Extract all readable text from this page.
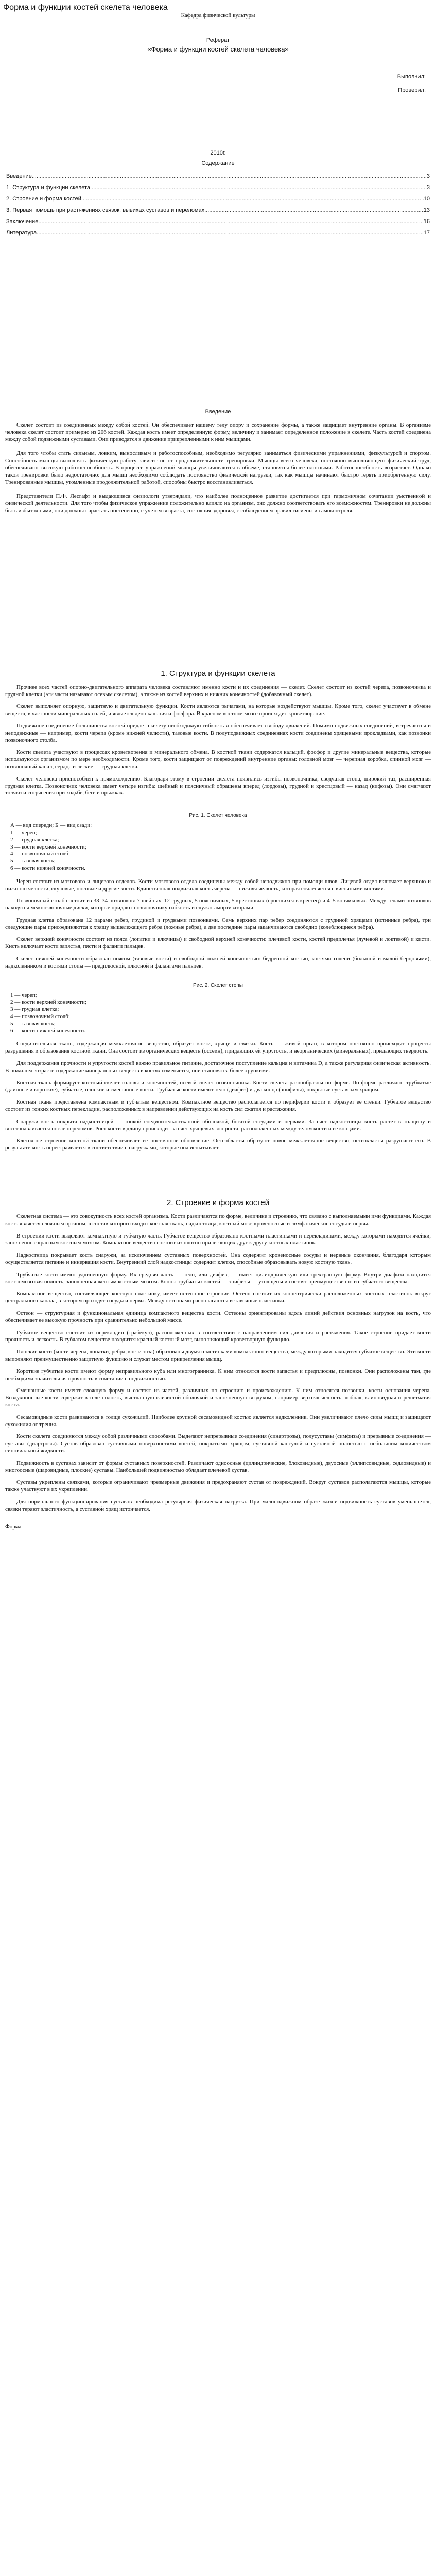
Форма и функции костей скелета человека
Кафедра физической культуры
Реферат
«Форма и функции костей скелета человека»
Выполнил:
Проверил:
2010г.
Содержание
Введение .....	3
1. Структура и функции скелета .....	3
2. Строение и форма костей .....	10
3. Первая помощь при растяжениях связок, вывихах суставов и переломах .....	13
Заключение .....	16
Литература .....	17
Введение

Скелет состоит из соединенных между собой костей. Он обеспечивает нашему телу опору и сохранение формы, а также защищает внутренние органы. В организме человека скелет состоит примерно из 206 костей. Каждая кость имеет определенную форму, величину и занимает определенное положение в скелете. Часть костей соединена между собой подвижными суставами. Они приводятся в движение прикрепленными к ним мышцами.

Для того чтобы стать сильным, ловким, выносливым и работоспособным, необходимо регулярно заниматься физическими упражнениями, физкультурой и спортом. Способность мышцы выполнять физическую работу зависит не от продолжительности тренировки. Мышцы всего человека, постоянно выполняющего физический труд, обеспечивают высокую работоспособность. В процессе упражнений мышцы увеличиваются в объеме, становятся более плотными. Работоспособность возрастает. Однако такой тренировки было недостаточно: для мышц необходимо соблюдать постоянство физической нагрузки, так как мышцы начинают быстро терять приобретенную силу. Тренированные мышцы, утомленные продолжительной работой, способны быстро восстанавливаться.

Представители П.Ф. Лесгафт и выдающиеся физиологи утверждали, что наиболее полноценное развитие достигается при гармоничном сочетании умственной и физической деятельности. Для того чтобы физическое упражнение положительно влияло на организм, оно должно соответствовать его возможностям. Тренировки не должны быть избыточными, они должны нарастать постепенно, с учетом возраста, состояния здоровья, с соблюдением правил гигиены и самоконтроля.

1. Структура и функции скелета

Прочнее всех частей опорно-двигательного аппарата человека составляют именно кости и их соединения — скелет. Скелет состоит из костей черепа, позвоночника и грудной клетки (эти части называют осевым скелетом), а также из костей верхних и нижних конечностей (добавочный скелет).

Скелет выполняет опорную, защитную и двигательную функции. Кости являются рычагами, на которые воздействуют мышцы. Кроме того, скелет участвует в обмене веществ, в частности минеральных солей, и является депо кальция и фосфора. В красном костном мозге происходит кроветворение.

Подвижное соединение большинства костей придает скелету необходимую гибкость и обеспечивает свободу движений. Помимо подвижных соединений, встречаются и неподвижные — например, кости черепа (кроме нижней челюсти), тазовые кости. В полуподвижных соединениях кости соединены хрящевыми прокладками, как позвонки позвоночного столба.

Кости скелета участвуют в процессах кроветворения и минерального обмена. В костной ткани содержатся кальций, фосфор и другие минеральные вещества, которые используются организмом по мере необходимости. Кроме того, кости защищают от повреждений внутренние органы: головной мозг — черепная коробка, спинной мозг — позвоночный канал, сердце и легкие — грудная клетка.

Скелет человека приспособлен к прямохождению. Благодаря этому в строении скелета появились изгибы позвоночника, сводчатая стопа, широкий таз, расширенная грудная клетка. Позвоночник человека имеет четыре изгиба: шейный и поясничный обращены вперед (лордозы), грудной и крестцовый — назад (кифозы). Они смягчают толчки и сотрясения при ходьбе, беге и прыжках.

Рис. 1. Скелет человека
А — вид спереди; Б — вид сзади:
1 — череп;
2 — грудная клетка;
3 — кости верхней конечности;
4 — позвоночный столб;
5 — тазовая кость;
6 — кости нижней конечности.

Череп состоит из мозгового и лицевого отделов. Кости мозгового отдела соединены между собой неподвижно при помощи швов. Лицевой отдел включает верхнюю и нижнюю челюсти, скуловые, носовые и другие кости. Единственная подвижная кость черепа — нижняя челюсть, которая сочленяется с височными костями.

Позвоночный столб состоит из 33–34 позвонков: 7 шейных, 12 грудных, 5 поясничных, 5 крестцовых (сросшихся в крестец) и 4–5 копчиковых. Между телами позвонков находятся межпозвоночные диски, которые придают позвоночнику гибкость и служат амортизаторами.

Грудная клетка образована 12 парами ребер, грудиной и грудными позвонками. Семь верхних пар ребер соединяются с грудиной хрящами (истинные ребра), три следующие пары присоединяются к хрящу вышележащего ребра (ложные ребра), а две последние пары заканчиваются свободно (колеблющиеся ребра).

Скелет верхней конечности состоит из пояса (лопатки и ключицы) и свободной верхней конечности: плечевой кости, костей предплечья (лучевой и локтевой) и кисти. Кисть включает кости запястья, пясти и фаланги пальцев.

Скелет нижней конечности образован поясом (тазовые кости) и свободной нижней конечностью: бедренной костью, костями голени (большой и малой берцовыми), надколенником и костями стопы — предплюсной, плюсной и фалангами пальцев.

Рис. 2. Скелет стопы
1 — череп;
2 — кости верхней конечности;
3 — грудная клетка;
4 — позвоночный столб;
5 — тазовая кость;
6 — кости нижней конечности.

Соединительная ткань, содержащая межклеточное вещество, образует кости, хрящи и связки. Кость — живой орган, в котором постоянно происходят процессы разрушения и образования костной ткани. Она состоит из органических веществ (оссеин), придающих ей упругость, и неорганических (минеральных), придающих твердость.

Для поддержания прочности и упругости костей важно правильное питание, достаточное поступление кальция и витамина D, а также регулярная физическая активность. В пожилом возрасте содержание минеральных веществ в костях изменяется, они становятся более хрупкими.

Костная ткань формирует костный скелет головы и конечностей, осевой скелет позвоночника. Кости скелета разнообразны по форме. По форме различают трубчатые (длинные и короткие), губчатые, плоские и смешанные кости. Трубчатые кости имеют тело (диафиз) и два конца (эпифизы), покрытые суставным хрящом.

Костная ткань представлена компактным и губчатым веществом. Компактное вещество располагается по периферии кости и образует ее стенки. Губчатое вещество состоит из тонких костных перекладин, расположенных в направлении действующих на кость сил сжатия и растяжения.

Снаружи кость покрыта надкостницей — тонкой соединительнотканной оболочкой, богатой сосудами и нервами. За счет надкостницы кость растет в толщину и восстанавливается после переломов. Рост кости в длину происходит за счет хрящевых зон роста, расположенных между телом кости и ее концами.

Клеточное строение костной ткани обеспечивает ее постоянное обновление. Остеобласты образуют новое межклеточное вещество, остеокласты разрушают его. В результате кость перестраивается в соответствии с нагрузками, которые она испытывает.

2. Строение и форма костей

Скелетная система — это совокупность всех костей организма. Кости различаются по форме, величине и строению, что связано с выполняемыми ими функциями. Каждая кость является сложным органом, в состав которого входит костная ткань, надкостница, костный мозг, кровеносные и лимфатические сосуды и нервы.

В строении кости выделяют компактную и губчатую часть. Губчатое вещество образовано костными пластинками и перекладинами, между которыми находятся ячейки, заполненные красным костным мозгом. Компактное вещество состоит из плотно прилегающих друг к другу костных пластинок.

Надкостница покрывает кость снаружи, за исключением суставных поверхностей. Она содержит кровеносные сосуды и нервные окончания, благодаря которым осуществляется питание и иннервация кости. Внутренний слой надкостницы содержит клетки, способные образовывать новую костную ткань.

Трубчатые кости имеют удлиненную форму. Их средняя часть — тело, или диафиз, — имеет цилиндрическую или трехгранную форму. Внутри диафиза находится костномозговая полость, заполненная желтым костным мозгом. Концы трубчатых костей — эпифизы — утолщены и состоят преимущественно из губчатого вещества.

Компактное вещество, составляющее костную пластинку, имеет остеонное строение. Остеон состоит из концентрически расположенных костных пластинок вокруг центрального канала, в котором проходят сосуды и нервы. Между остеонами располагаются вставочные пластинки.

Остеон — структурная и функциональная единица компактного вещества кости. Остеоны ориентированы вдоль линий действия основных нагрузок на кость, что обеспечивает ее высокую прочность при сравнительно небольшой массе.

Губчатое вещество состоит из перекладин (трабекул), расположенных в соответствии с направлением сил давления и растяжения. Такое строение придает кости прочность и легкость. В губчатом веществе находится красный костный мозг, выполняющий кроветворную функцию.

Плоские кости (кости черепа, лопатки, ребра, кости таза) образованы двумя пластинками компактного вещества, между которыми находится губчатое вещество. Эти кости выполняют преимущественно защитную функцию и служат местом прикрепления мышц.

Короткие губчатые кости имеют форму неправильного куба или многогранника. К ним относятся кости запястья и предплюсны, позвонки. Они расположены там, где необходима значительная прочность в сочетании с подвижностью.

Смешанные кости имеют сложную форму и состоят из частей, различных по строению и происхождению. К ним относятся позвонки, кости основания черепа. Воздухоносные кости содержат в теле полость, выстланную слизистой оболочкой и заполненную воздухом, например верхняя челюсть, лобная, клиновидная и решетчатая кости.

Сесамовидные кости развиваются в толще сухожилий. Наиболее крупной сесамовидной костью является надколенник. Они увеличивают плечо силы мышц и защищают сухожилия от трения.

Кости скелета соединяются между собой различными способами. Выделяют непрерывные соединения (синартрозы), полусуставы (симфизы) и прерывные соединения — суставы (диартрозы). Сустав образован суставными поверхностями костей, покрытыми хрящом, суставной капсулой и суставной полостью с небольшим количеством синовиальной жидкости.

Подвижность в суставах зависит от формы суставных поверхностей. Различают одноосные (цилиндрические, блоковидные), двуосные (эллипсовидные, седловидные) и многоосные (шаровидные, плоские) суставы. Наибольшей подвижностью обладает плечевой сустав.

Суставы укреплены связками, которые ограничивают чрезмерные движения и предохраняют сустав от повреждений. Вокруг суставов располагаются мышцы, которые также участвуют в их укреплении.

Для нормального функционирования суставов необходима регулярная физическая нагрузка. При малоподвижном образе жизни подвижность суставов уменьшается, связки теряют эластичность, а суставной хрящ истончается.

Форма
